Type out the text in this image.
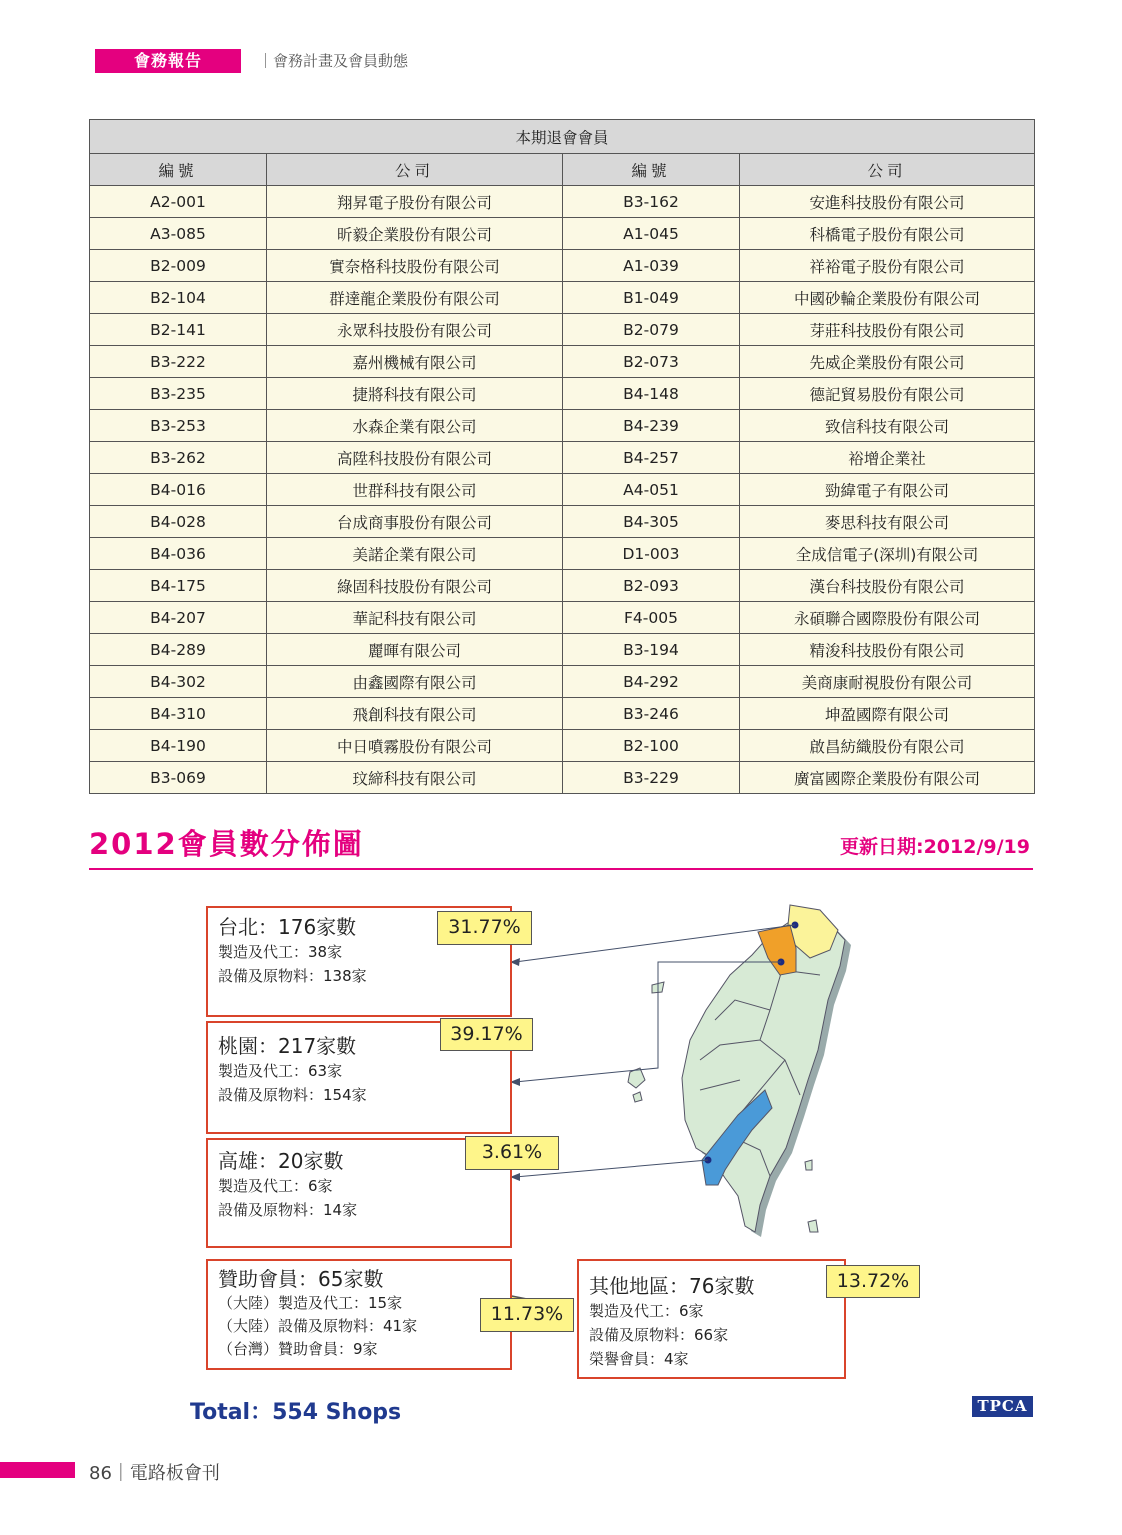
會務報告	｜會務計畫及會員動態
本期退會會員			
編號	公司	編號	公司
A2-001	翔昇電子股份有限公司	B3-162	安進科技股份有限公司
A3-085	昕毅企業股份有限公司	A1-045	科橋電子股份有限公司
B2-009	實奈格科技股份有限公司	A1-039	祥裕電子股份有限公司
B2-104	群達龍企業股份有限公司	B1-049	中國砂輪企業股份有限公司
B2-141	永眾科技股份有限公司	B2-079	芽莊科技股份有限公司
B3-222	嘉州機械有限公司	B2-073	先威企業股份有限公司
B3-235	捷將科技有限公司	B4-148	德記貿易股份有限公司
B3-253	水森企業有限公司	B4-239	致信科技有限公司
B3-262	高陞科技股份有限公司	B4-257	裕增企業社
B4-016	世群科技有限公司	A4-051	勁緯電子有限公司
B4-028	台成商事股份有限公司	B4-305	麥思科技有限公司
B4-036	美諾企業有限公司	D1-003	全成信電子(深圳)有限公司
B4-175	綠固科技股份有限公司	B2-093	漢台科技股份有限公司
B4-207	華記科技有限公司	F4-005	永碩聯合國際股份有限公司
B4-289	麗暉有限公司	B3-194	精浚科技股份有限公司
B4-302	由鑫國際有限公司	B4-292	美商康耐視股份有限公司
B4-310	飛創科技有限公司	B3-246	坤盈國際有限公司
B4-190	中日噴霧股份有限公司	B2-100	啟昌紡織股份有限公司
B3-069	玟締科技有限公司	B3-229	廣富國際企業股份有限公司
2012會員數分佈圖	更新日期:2012/9/19
台北：176家數
製造及代工：38家
設備及原物料：138家
31.77%
桃園：217家數
製造及代工：63家
設備及原物料：154家
39.17%
高雄：20家數
製造及代工：6家
設備及原物料：14家
3.61%
贊助會員：65家數
（大陸）製造及代工：15家
（大陸）設備及原物料：41家
（台灣）贊助會員：9家
11.73%
其他地區：76家數
製造及代工：6家
設備及原物料：66家
榮譽會員：4家
13.72%
Total：554 Shops	TPCA
86｜電路板會刊
